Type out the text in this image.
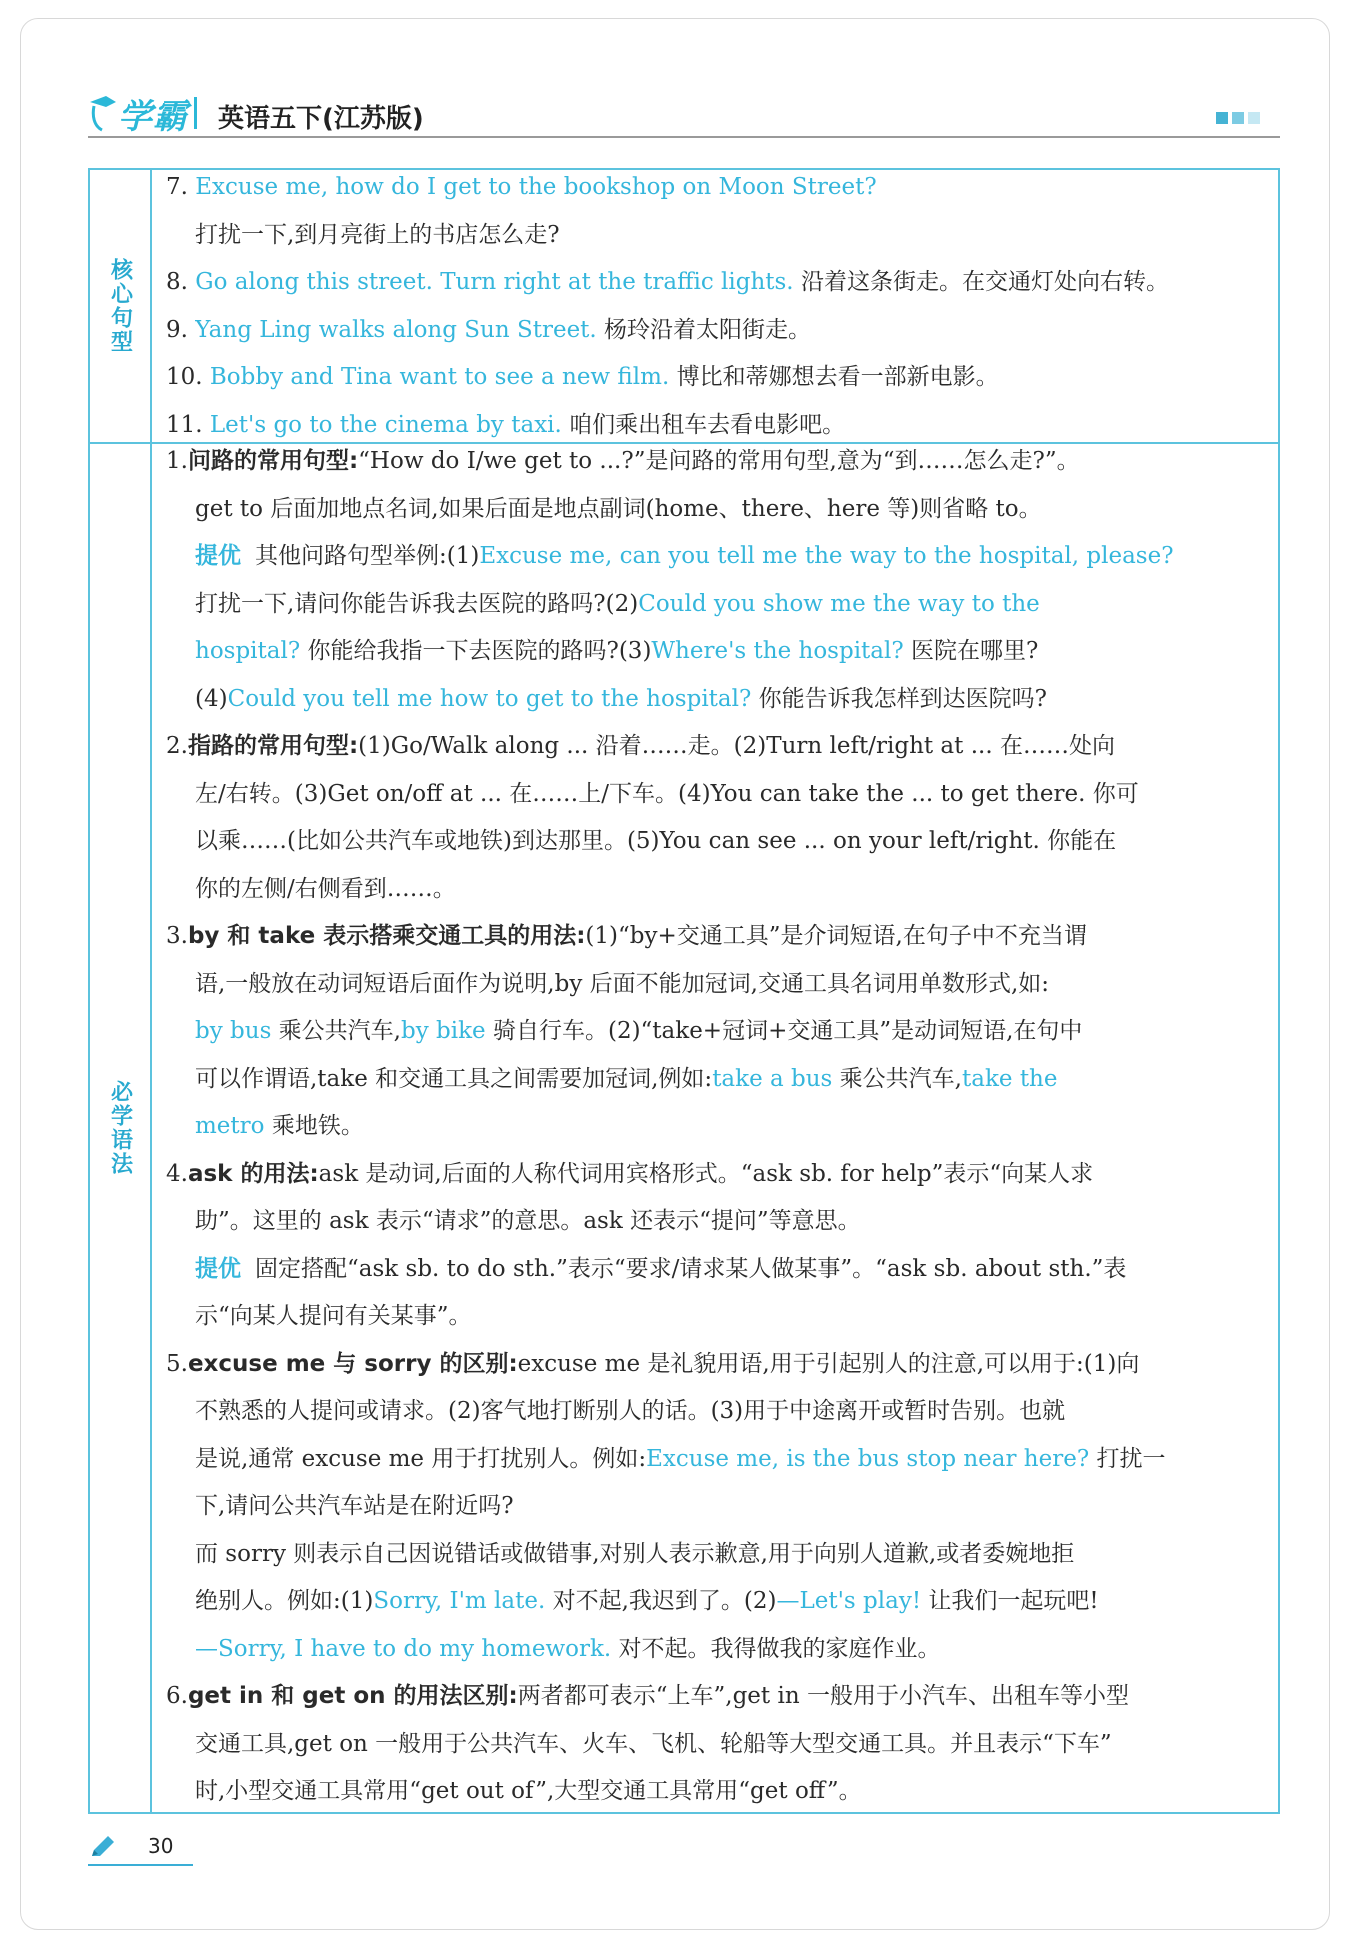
学霸 英语五下(江苏版)
核心句型
7. Excuse me, how do I get to the bookshop on Moon Street?
打扰一下,到月亮街上的书店怎么走?
8. Go along this street. Turn right at the traffic lights. 沿着这条街走。在交通灯处向右转。
9. Yang Ling walks along Sun Street. 杨玲沿着太阳街走。
10. Bobby and Tina want to see a new film. 博比和蒂娜想去看一部新电影。
11. Let's go to the cinema by taxi. 咱们乘出租车去看电影吧。
必学语法
1.问路的常用句型:“How do I/we get to ...?”是问路的常用句型,意为“到……怎么走?”。
get to 后面加地点名词,如果后面是地点副词(home、there、here 等)则省略 to。
提优 其他问路句型举例:(1)Excuse me, can you tell me the way to the hospital, please?
打扰一下,请问你能告诉我去医院的路吗?(2)Could you show me the way to the
hospital? 你能给我指一下去医院的路吗?(3)Where's the hospital? 医院在哪里?
(4)Could you tell me how to get to the hospital? 你能告诉我怎样到达医院吗?
2.指路的常用句型:(1)Go/Walk along ... 沿着……走。(2)Turn left/right at ... 在……处向
左/右转。(3)Get on/off at ... 在……上/下车。(4)You can take the ... to get there. 你可
以乘……(比如公共汽车或地铁)到达那里。(5)You can see ... on your left/right. 你能在
你的左侧/右侧看到……。
3.by 和 take 表示搭乘交通工具的用法:(1)“by+交通工具”是介词短语,在句子中不充当谓
语,一般放在动词短语后面作为说明,by 后面不能加冠词,交通工具名词用单数形式,如:
by bus 乘公共汽车,by bike 骑自行车。(2)“take+冠词+交通工具”是动词短语,在句中
可以作谓语,take 和交通工具之间需要加冠词,例如:take a bus 乘公共汽车,take the
metro 乘地铁。
4.ask 的用法:ask 是动词,后面的人称代词用宾格形式。“ask sb. for help”表示“向某人求
助”。这里的 ask 表示“请求”的意思。ask 还表示“提问”等意思。
提优 固定搭配“ask sb. to do sth.”表示“要求/请求某人做某事”。“ask sb. about sth.”表
示“向某人提问有关某事”。
5.excuse me 与 sorry 的区别:excuse me 是礼貌用语,用于引起别人的注意,可以用于:(1)向
不熟悉的人提问或请求。(2)客气地打断别人的话。(3)用于中途离开或暂时告别。也就
是说,通常 excuse me 用于打扰别人。例如:Excuse me, is the bus stop near here? 打扰一
下,请问公共汽车站是在附近吗?
而 sorry 则表示自己因说错话或做错事,对别人表示歉意,用于向别人道歉,或者委婉地拒
绝别人。例如:(1)Sorry, I'm late. 对不起,我迟到了。(2)—Let's play! 让我们一起玩吧!
—Sorry, I have to do my homework. 对不起。我得做我的家庭作业。
6.get in 和 get on 的用法区别:两者都可表示“上车”,get in 一般用于小汽车、出租车等小型
交通工具,get on 一般用于公共汽车、火车、飞机、轮船等大型交通工具。并且表示“下车”
时,小型交通工具常用“get out of”,大型交通工具常用“get off”。
30
